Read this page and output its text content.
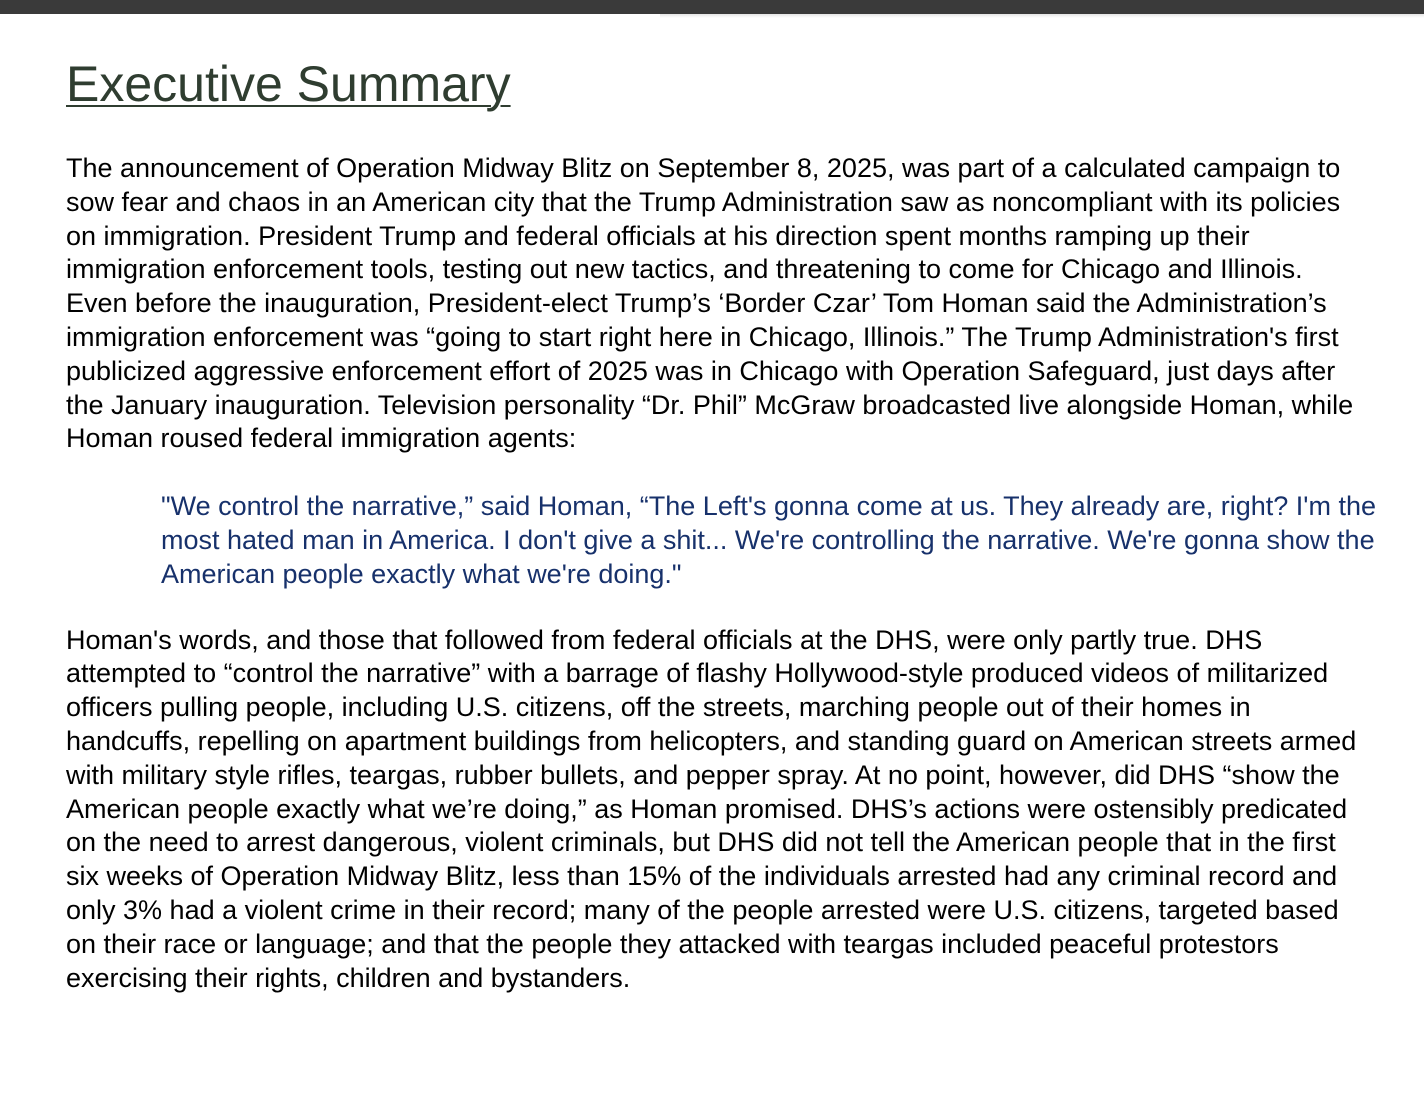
Executive Summary

The announcement of Operation Midway Blitz on September 8, 2025, was part of a calculated campaign to sow fear and chaos in an American city that the Trump Administration saw as noncompliant with its policies on immigration. President Trump and federal officials at his direction spent months ramping up their immigration enforcement tools, testing out new tactics, and threatening to come for Chicago and Illinois. Even before the inauguration, President-elect Trump’s ‘Border Czar’ Tom Homan said the Administration’s immigration enforcement was “going to start right here in Chicago, Illinois.” The Trump Administration's first publicized aggressive enforcement effort of 2025 was in Chicago with Operation Safeguard, just days after the January inauguration. Television personality “Dr. Phil” McGraw broadcasted live alongside Homan, while Homan roused federal immigration agents:

"We control the narrative,” said Homan, “The Left's gonna come at us. They already are, right? I'm the most hated man in America. I don't give a shit... We're controlling the narrative. We're gonna show the American people exactly what we're doing."

Homan's words, and those that followed from federal officials at the DHS, were only partly true. DHS attempted to “control the narrative” with a barrage of flashy Hollywood-style produced videos of militarized officers pulling people, including U.S. citizens, off the streets, marching people out of their homes in handcuffs, repelling on apartment buildings from helicopters, and standing guard on American streets armed with military style rifles, teargas, rubber bullets, and pepper spray. At no point, however, did DHS “show the American people exactly what we’re doing,” as Homan promised. DHS’s actions were ostensibly predicated on the need to arrest dangerous, violent criminals, but DHS did not tell the American people that in the first six weeks of Operation Midway Blitz, less than 15% of the individuals arrested had any criminal record and only 3% had a violent crime in their record; many of the people arrested were U.S. citizens, targeted based on their race or language; and that the people they attacked with teargas included peaceful protestors exercising their rights, children and bystanders.
